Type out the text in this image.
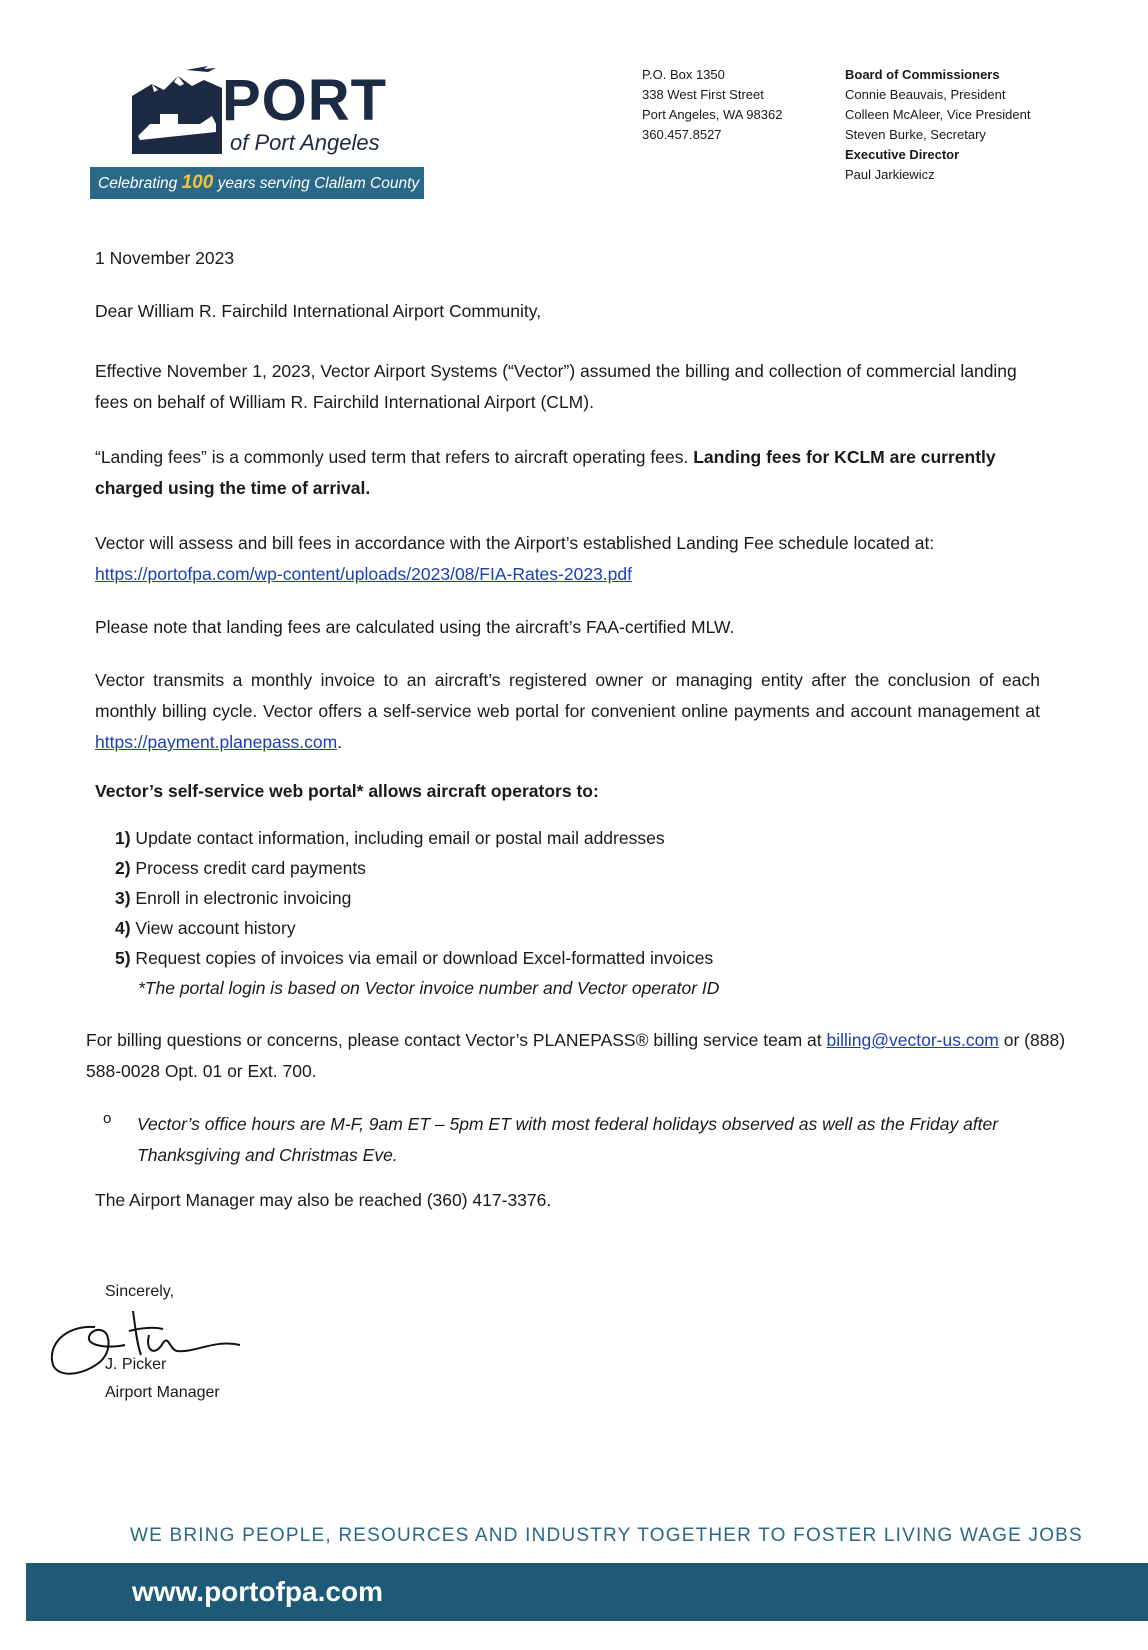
PORT
of Port Angeles
Celebrating 100 years serving Clallam County
P.O. Box 1350
338 West First Street
Port Angeles, WA 98362
360.457.8527
Board of Commissioners
Connie Beauvais, President
Colleen McAleer, Vice President
Steven Burke, Secretary
Executive Director
Paul Jarkiewicz
1 November 2023
Dear William R. Fairchild International Airport Community,
Effective November 1, 2023, Vector Airport Systems (“Vector”) assumed the billing and collection of commercial landing fees on behalf of William R. Fairchild International Airport (CLM).
“Landing fees” is a commonly used term that refers to aircraft operating fees. Landing fees for KCLM are currently charged using the time of arrival.
Vector will assess and bill fees in accordance with the Airport’s established Landing Fee schedule located at: https://portofpa.com/wp-content/uploads/2023/08/FIA-Rates-2023.pdf
Please note that landing fees are calculated using the aircraft’s FAA-certified MLW.
Vector transmits a monthly invoice to an aircraft’s registered owner or managing entity after the conclusion of each monthly billing cycle. Vector offers a self-service web portal for convenient online payments and account management at https://payment.planepass.com.
Vector’s self-service web portal* allows aircraft operators to:
1) Update contact information, including email or postal mail addresses
2) Process credit card payments
3) Enroll in electronic invoicing
4) View account history
5) Request copies of invoices via email or download Excel-formatted invoices
*The portal login is based on Vector invoice number and Vector operator ID
For billing questions or concerns, please contact Vector’s PLANEPASS® billing service team at billing@vector-us.com or (888) 588-0028 Opt. 01 or Ext. 700.
o Vector’s office hours are M-F, 9am ET – 5pm ET with most federal holidays observed as well as the Friday after Thanksgiving and Christmas Eve.
The Airport Manager may also be reached (360) 417-3376.
Sincerely,
J. Picker
Airport Manager
WE BRING PEOPLE, RESOURCES AND INDUSTRY TOGETHER TO FOSTER LIVING WAGE JOBS
www.portofpa.com
